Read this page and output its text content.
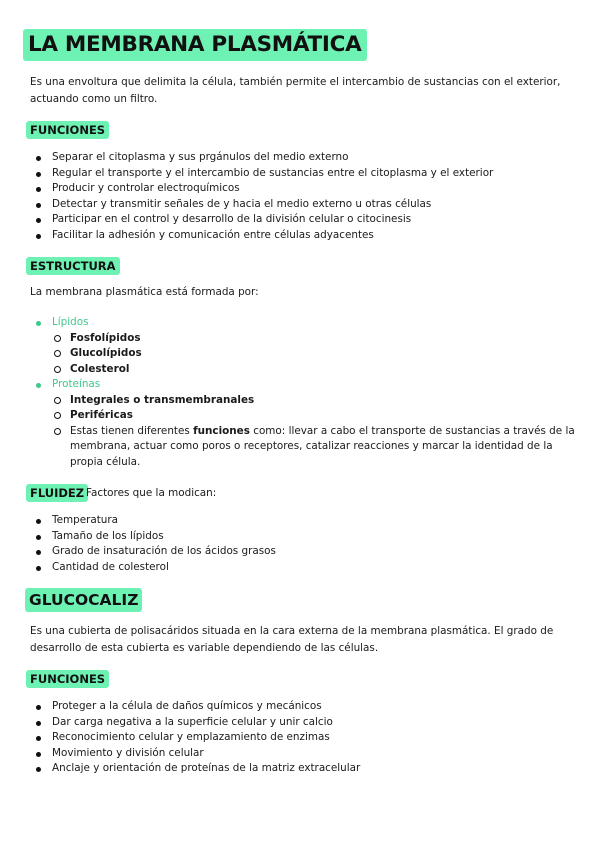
LA MEMBRANA PLASMÁTICA

Es una envoltura que delimita la célula, también permite el intercambio de sustancias con el exterior, actuando como un filtro.

FUNCIONES
Separar el citoplasma y sus prgánulos del medio externo
Regular el transporte y el intercambio de sustancias entre el citoplasma y el exterior
Producir y controlar electroquímicos
Detectar y transmitir señales de y hacia el medio externo u otras células
Participar en el control y desarrollo de la división celular o citocinesis
Facilitar la adhesión y comunicación entre células adyacentes
ESTRUCTURA
La membrana plasmática está formada por:
Lípidos
Fosfolípidos
Glucolípidos
Colesterol
Proteínas
Integrales o transmembranales
Periféricas
Estas tienen diferentes funciones como: llevar a cabo el transporte de sustancias a través de la membrana, actuar como poros o receptores, catalizar reacciones y marcar la identidad de la propia célula.
FLUIDEZ Factores que la modican:
Temperatura
Tamaño de los lípidos
Grado de insaturación de los ácidos grasos
Cantidad de colesterol
GLUCOCALIZ

Es una cubierta de polisacáridos situada en la cara externa de la membrana plasmática. El grado de desarrollo de esta cubierta es variable dependiendo de las células.

FUNCIONES
Proteger a la célula de daños químicos y mecánicos
Dar carga negativa a la superficie celular y unir calcio
Reconocimiento celular y emplazamiento de enzimas
Movimiento y división celular
Anclaje y orientación de proteínas de la matriz extracelular
